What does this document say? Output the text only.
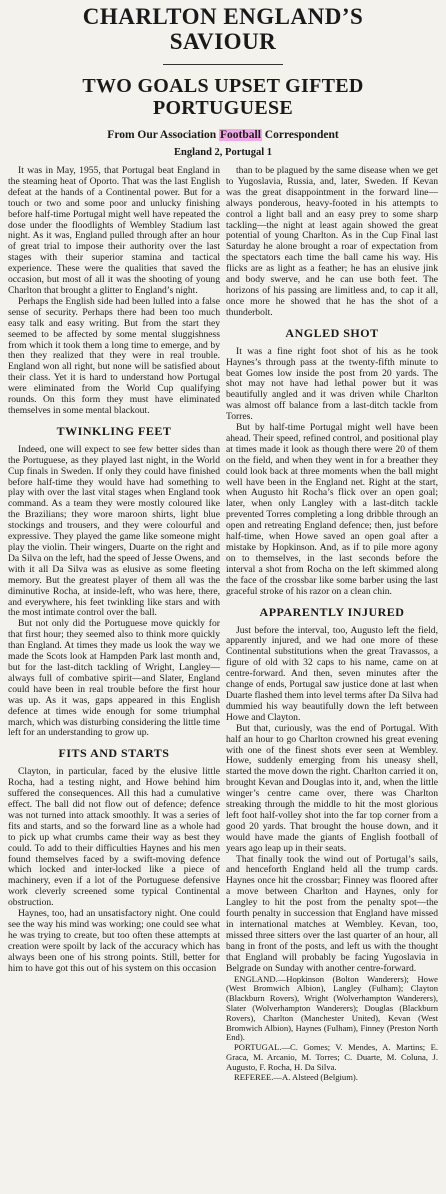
CHARLTON ENGLAND’S
SAVIOUR
TWO GOALS UPSET GIFTED
PORTUGUESE
From Our Association Football Correspondent
England 2, Portugal 1

It was in May, 1955, that Portugal beat England in the steaming heat of Oporto. That was the last English defeat at the hands of a Continental power. But for a touch or two and some poor and unlucky finishing before half-time Portugal might well have repeated the dose under the floodlights of Wembley Stadium last night. As it was, England pulled through after an hour of great trial to impose their authority over the last stages with their superior stamina and tactical experience. These were the qualities that saved the occasion, but most of all it was the shooting of young Charlton that brought a glitter to England’s night.

Perhaps the English side had been lulled into a false sense of security. Perhaps there had been too much easy talk and easy writing. But from the start they seemed to be affected by some mental sluggishness from which it took them a long time to emerge, and by then they realized that they were in real trouble. England won all right, but none will be satisfied about their class. Yet it is hard to understand how Portugal were eliminated from the World Cup qualifying rounds. On this form they must have eliminated themselves in some mental blackout.

TWINKLING FEET

Indeed, one will expect to see few better sides than the Portuguese, as they played last night, in the World Cup finals in Sweden. If only they could have finished before half-time they would have had something to play with over the last vital stages when England took command. As a team they were mostly coloured like the Brazilians; they wore maroon shirts, light blue stockings and trousers, and they were colourful and expressive. They played the game like someone might play the violin. Their wingers, Duarte on the right and Da Silva on the left, had the speed of Jesse Owens, and with it all Da Silva was as elusive as some fleeting memory. But the greatest player of them all was the diminutive Rocha, at inside-left, who was here, there, and everywhere, his feet twinkling like stars and with the most intimate control over the ball.

But not only did the Portuguese move quickly for that first hour; they seemed also to think more quickly than England. At times they made us look the way we made the Scots look at Hampden Park last month and, but for the last-ditch tackling of Wright, Langley—always full of combative spirit—and Slater, England could have been in real trouble before the first hour was up. As it was, gaps appeared in this English defence at times wide enough for some triumphal march, which was disturbing considering the little time left for an understanding to grow up.

FITS AND STARTS

Clayton, in particular, faced by the elusive little Rocha, had a testing night, and Howe behind him suffered the consequences. All this had a cumulative effect. The ball did not flow out of defence; defence was not turned into attack smoothly. It was a series of fits and starts, and so the forward line as a whole had to pick up what crumbs came their way as best they could. To add to their difficulties Haynes and his men found themselves faced by a swift-moving defence which locked and inter-locked like a piece of machinery, even if a lot of the Portuguese defensive work cleverly screened some typical Continental obstruction.

Haynes, too, had an unsatisfactory night. One could see the way his mind was working; one could see what he was trying to create, but too often these attempts at creation were spoilt by lack of the accuracy which has always been one of his strong points. Still, better for him to have got this out of his system on this occasion

than to be plagued by the same disease when we get to Yugoslavia, Russia, and, later, Sweden. If Kevan was the great disappointment in the forward line—always ponderous, heavy-footed in his attempts to control a light ball and an easy prey to some sharp tackling—the night at least again showed the great potential of young Charlton. As in the Cup Final last Saturday he alone brought a roar of expectation from the spectators each time the ball came his way. His flicks are as light as a feather; he has an elusive jink and body swerve, and he can use both feet. The horizons of his passing are limitless and, to cap it all, once more he showed that he has the shot of a thunderbolt.

ANGLED SHOT

It was a fine right foot shot of his as he took Haynes’s through pass at the twenty-fifth minute to beat Gomes low inside the post from 20 yards. The shot may not have had lethal power but it was beautifully angled and it was driven while Charlton was almost off balance from a last-ditch tackle from Torres.

But by half-time Portugal might well have been ahead. Their speed, refined control, and positional play at times made it look as though there were 20 of them on the field, and when they went in for a breather they could look back at three moments when the ball might well have been in the England net. Right at the start, when Augusto hit Rocha’s flick over an open goal; later, when only Langley with a last-ditch tackle prevented Torres completing a long dribble through an open and retreating England defence; then, just before half-time, when Howe saved an open goal after a mistake by Hopkinson. And, as if to pile more agony on to themselves, in the last seconds before the interval a shot from Rocha on the left skimmed along the face of the crossbar like some barber using the last graceful stroke of his razor on a clean chin.

APPARENTLY INJURED

Just before the interval, too, Augusto left the field, apparently injured, and we had one more of these Continental substitutions when the great Travassos, a figure of old with 32 caps to his name, came on at centre-forward. And then, seven minutes after the change of ends, Portugal saw justice done at last when Duarte flashed them into level terms after Da Silva had dummied his way beautifully down the left between Howe and Clayton.

But that, curiously, was the end of Portugal. With half an hour to go Charlton crowned his great evening with one of the finest shots ever seen at Wembley. Howe, suddenly emerging from his uneasy shell, started the move down the right. Charlton carried it on, brought Kevan and Douglas into it, and, when the little winger’s centre came over, there was Charlton streaking through the middle to hit the most glorious left foot half-volley shot into the far top corner from a good 20 yards. That brought the house down, and it would have made the giants of English football of years ago leap up in their seats.

That finally took the wind out of Portugal’s sails, and henceforth England held all the trump cards. Haynes once hit the crossbar; Finney was floored after a move between Charlton and Haynes, only for Langley to hit the post from the penalty spot—the fourth penalty in succession that England have missed in international matches at Wembley. Kevan, too, missed three sitters over the last quarter of an hour, all bang in front of the posts, and left us with the thought that England will probably be facing Yugoslavia in Belgrade on Sunday with another centre-forward.

ENGLAND.—Hopkinson (Bolton Wanderers); Howe (West Bromwich Albion), Langley (Fulham); Clayton (Blackburn Rovers), Wright (Wolverhampton Wanderers), Slater (Wolverhampton Wanderers); Douglas (Blackburn Rovers), Charlton (Manchester United), Kevan (West Bromwich Albion), Haynes (Fulham), Finney (Preston North End).

PORTUGAL.—C. Gomes; V. Mendes, A. Martins; E. Graca, M. Arcanio, M. Torres; C. Duarte, M. Coluna, J. Augusto, F. Rocha, H. Da Silva.

REFEREE.—A. Alsteed (Belgium).
